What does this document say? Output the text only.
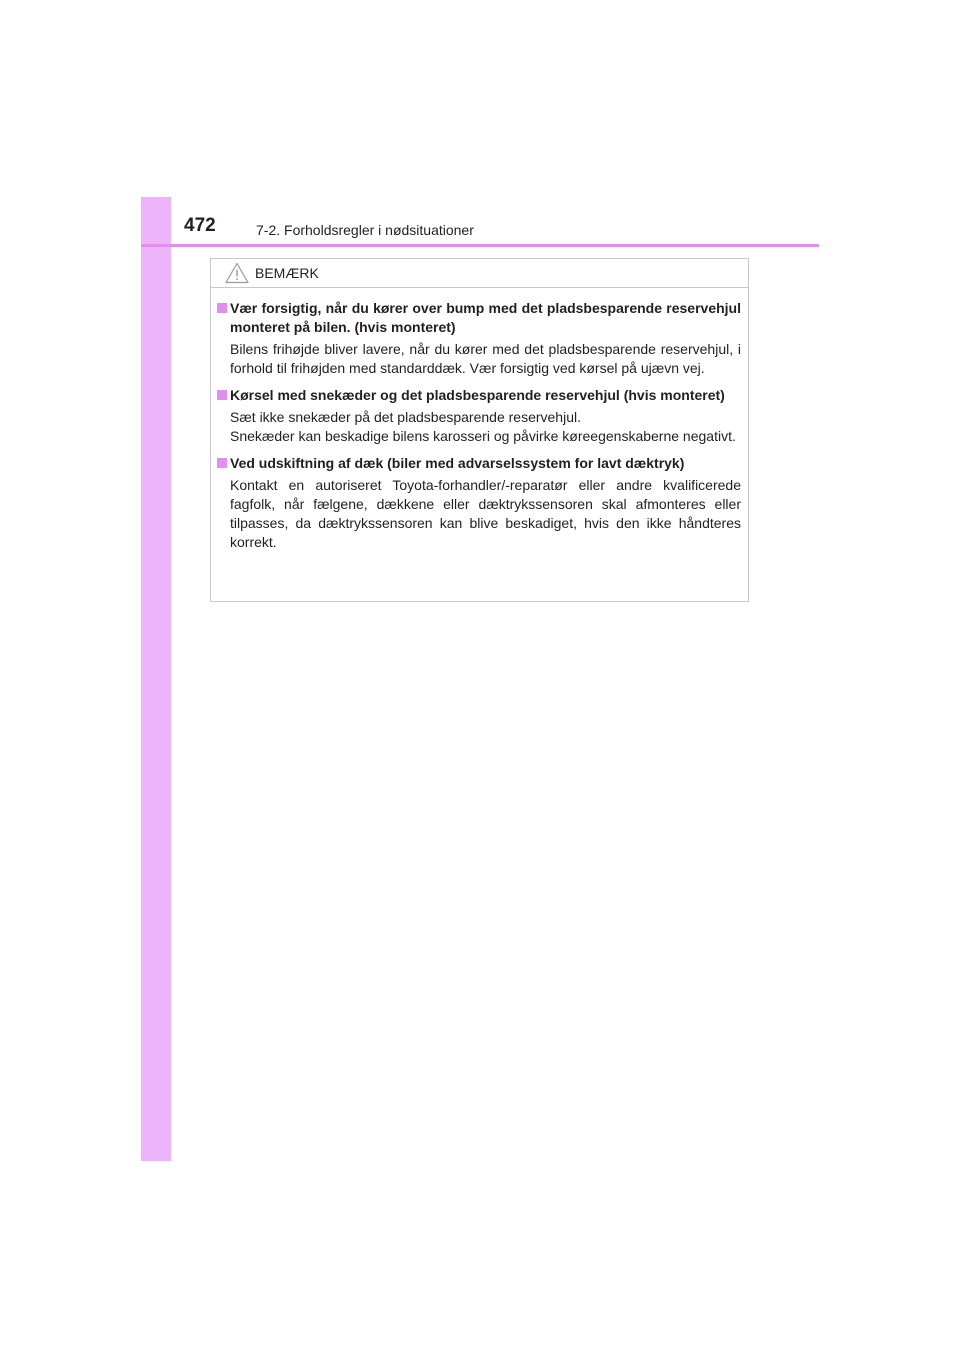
472	7-2. Forholdsregler i nødsituationer
BEMÆRK
Vær forsigtig, når du kører over bump med det pladsbesparende reservehjul monteret på bilen. (hvis monteret)
Bilens frihøjde bliver lavere, når du kører med det pladsbesparende reservehjul, i forhold til frihøjden med standarddæk. Vær forsigtig ved kørsel på ujævn vej.
Kørsel med snekæder og det pladsbesparende reservehjul (hvis monteret)
Sæt ikke snekæder på det pladsbesparende reservehjul.
Snekæder kan beskadige bilens karosseri og påvirke køreegenskaberne negativt.
Ved udskiftning af dæk (biler med advarselssystem for lavt dæktryk)
Kontakt en autoriseret Toyota-forhandler/-reparatør eller andre kvalificerede fagfolk, når fælgene, dækkene eller dæktrykssensoren skal afmonteres eller tilpasses, da dæktrykssensoren kan blive beskadiget, hvis den ikke håndteres korrekt.
